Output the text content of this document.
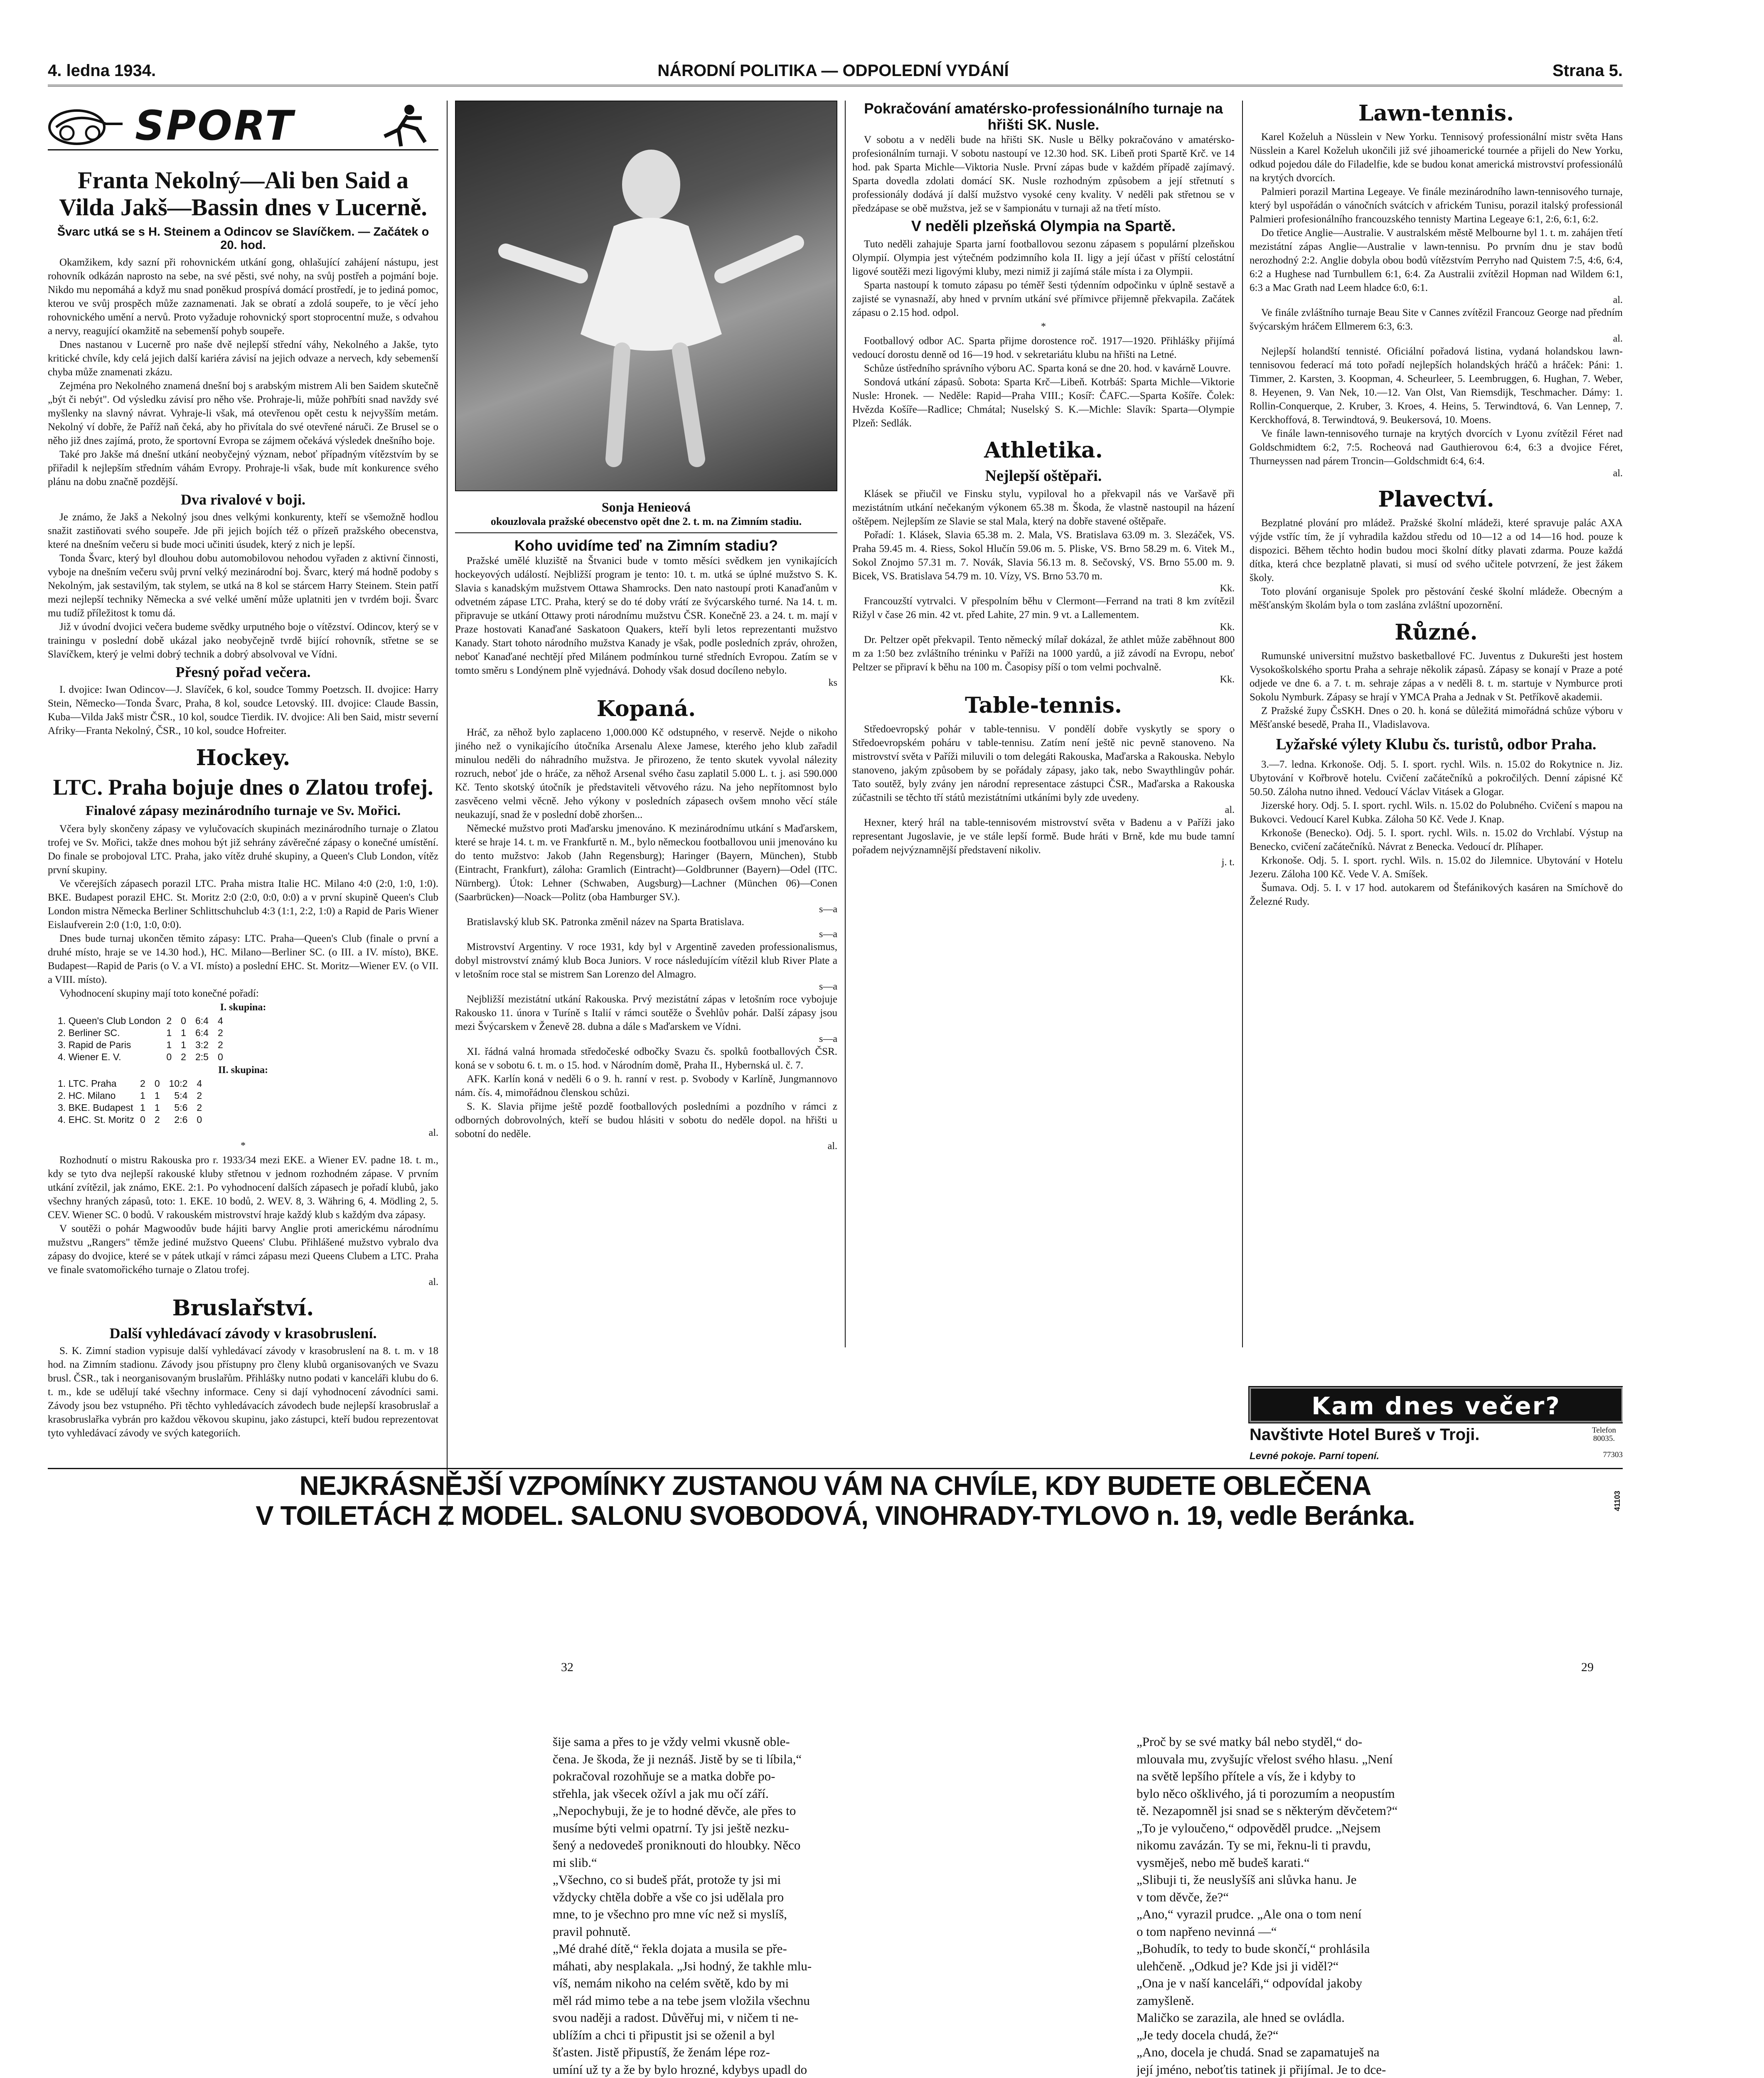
4. ledna 1934.	NÁRODNÍ POLITIKA — ODPOLEDNÍ VYDÁNÍ	Strana 5.
SPORT
Franta Nekolný—Ali ben Said a Vilda Jakš—Bassin dnes v Lucerně.
Švarc utká se s H. Steinem a Odincov se Slavíčkem. — Začátek o 20. hod.

Okamžikem, kdy sazní při rohovnickém utkání gong, ohlašující zahájení nástupu, jest rohovník odkázán naprosto na sebe, na své pěsti, své nohy, na svůj postřeh a pojmání boje. Nikdo mu nepomáhá a když mu snad poněkud prospívá domácí prostředí, je to jediná pomoc, kterou ve svůj prospěch může zaznamenati. Jak se obratí a zdolá soupeře, to je věcí jeho rohovnického umění a nervů. Proto vyžaduje rohovnický sport stoprocentní muže, s odvahou a nervy, reagující okamžitě na sebemenší pohyb soupeře.

Dnes nastanou v Lucerně pro naše dvě nejlepší střední váhy, Nekolného a Jakše, tyto kritické chvíle, kdy celá jejich další kariéra závisí na jejich odvaze a nervech, kdy sebemenší chyba může znamenati zkázu.

Zejména pro Nekolného znamená dnešní boj s arabským mistrem Ali ben Saidem skutečně „být či nebýt". Od výsledku závisí pro něho vše. Prohraje-li, může pohřbíti snad navždy své myšlenky na slavný návrat. Vyhraje-li však, má otevřenou opět cestu k nejvyšším metám. Nekolný ví dobře, že Paříž naň čeká, aby ho přivítala do své otevřené náruči. Ze Brusel se o něho již dnes zajímá, proto, že sportovní Evropa se zájmem očekává výsledek dnešního boje.

Také pro Jakše má dnešní utkání neobyčejný význam, neboť případným vítězstvím by se přiřadil k nejlepším středním váhám Evropy. Prohraje-li však, bude mít konkurence svého plánu na dobu značně pozdější.

Dva rivalové v boji.

Je známo, že Jakš a Nekolný jsou dnes velkými konkurenty, kteří se všemožně hodlou snažit zastiňovati svého soupeře. Jde při jejich bojích též o přízeň pražského obecenstva, které na dnešním večeru si bude moci učiniti úsudek, který z nich je lepší.

Tonda Švarc, který byl dlouhou dobu automobilovou nehodou vyřaden z aktivní činnosti, vyboje na dnešním večeru svůj první velký mezinárodní boj. Švarc, který má hodně podoby s Nekolným, jak sestavilým, tak stylem, se utká na 8 kol se stárcem Harry Steinem. Stein patří mezi nejlepší techniky Německa a své velké umění může uplatniti jen v tvrdém boji. Švarc mu tudíž příležitost k tomu dá.

Již v úvodní dvojici večera budeme svědky urputného boje o vítězství. Odincov, který se v trainingu v poslední době ukázal jako neobyčejně tvrdě bijící rohovník, střetne se se Slavíčkem, který je velmi dobrý technik a dobrý absolvoval ve Vídni.

Přesný pořad večera.

I. dvojice: Iwan Odincov—J. Slavíček, 6 kol, soudce Tommy Poetzsch. II. dvojice: Harry Stein, Německo—Tonda Švarc, Praha, 8 kol, soudce Letovský. III. dvojice: Claude Bassin, Kuba—Vilda Jakš mistr ČSR., 10 kol, soudce Tierdik. IV. dvojice: Ali ben Said, mistr severní Afriky—Franta Nekolný, ČSR., 10 kol, soudce Hofreiter.

Hockey.
LTC. Praha bojuje dnes o Zlatou trofej.
Finalové zápasy mezinárodního turnaje ve Sv. Mořici.

Včera byly skončeny zápasy ve vylučovacích skupinách mezinárodního turnaje o Zlatou trofej ve Sv. Mořici, takže dnes mohou být již sehrány závěrečné zápasy o konečné umístění. Do finale se probojoval LTC. Praha, jako vítěz druhé skupiny, a Queen's Club London, vítěz první skupiny.

Ve včerejších zápasech porazil LTC. Praha mistra Italie HC. Milano 4:0 (2:0, 1:0, 1:0). BKE. Budapest porazil EHC. St. Moritz 2:0 (2:0, 0:0, 0:0) a v první skupině Queen's Club London mistra Německa Berliner Schlittschuhclub 4:3 (1:1, 2:2, 1:0) a Rapid de Paris Wiener Eislaufverein 2:0 (1:0, 1:0, 0:0).

Dnes bude turnaj ukončen těmito zápasy: LTC. Praha—Queen's Club (finale o první a druhé místo, hraje se ve 14.30 hod.), HC. Milano—Berliner SC. (o III. a IV. místo), BKE. Budapest—Rapid de Paris (o V. a VI. místo) a poslední EHC. St. Moritz—Wiener EV. (o VII. a VIII. místo).

Vyhodnocení skupiny mají toto konečné pořadí:

I. skupina:
1. Queen's Club London	2	0	6:4	4
2. Berliner SC.	1	1	6:4	2
3. Rapid de Paris	1	1	3:2	2
4. Wiener E. V.	0	2	2:5	0
II. skupina:
1. LTC. Praha	2	0	10:2	4
2. HC. Milano	1	1	5:4	2
3. BKE. Budapest	1	1	5:6	2
4. EHC. St. Moritz	0	2	2:6	0
al.
*

Rozhodnutí o mistru Rakouska pro r. 1933/34 mezi EKE. a Wiener EV. padne 18. t. m., kdy se tyto dva nejlepší rakouské kluby střetnou v jednom rozhodném zápase. V prvním utkání zvítězil, jak známo, EKE. 2:1. Po vyhodnocení dalších zápasech je pořadí klubů, jako všechny hraných zápasů, toto: 1. EKE. 10 bodů, 2. WEV. 8, 3. Währing 6, 4. Mödling 2, 5. CEV. Wiener SC. 0 bodů. V rakouském mistrovství hraje každý klub s každým dva zápasy.

V soutěži o pohár Magwoodův bude hájiti barvy Anglie proti americkému národnímu mužstvu „Rangers" těmže jediné mužstvo Queens' Clubu. Přihlášené mužstvo vybralo dva zápasy do dvojice, které se v pátek utkají v rámci zápasu mezi Queens Clubem a LTC. Praha ve finale svatomořického turnaje o Zlatou trofej.

al.
Bruslařství.
Další vyhledávací závody v krasobruslení.

S. K. Zimní stadion vypisuje další vyhledávací závody v krasobruslení na 8. t. m. v 18 hod. na Zimním stadionu. Závody jsou přístupny pro členy klubů organisovaných ve Svazu brusl. ČSR., tak i neorganisovaným bruslařům. Přihlášky nutno podati v kanceláři klubu do 6. t. m., kde se udělují také všechny informace. Ceny si dají vyhodnocení závodníci sami. Závody jsou bez vstupného. Při těchto vyhledávacích závodech bude nejlepší krasobruslař a krasobruslařka vybrán pro každou věkovou skupinu, jako zástupci, kteří budou reprezentovat tyto vyhledávací závody ve svých kategoriích.

Sonja Henieová
okouzlovala pražské obecenstvo opět dne 2. t. m. na Zimním stadiu.
Koho uvidíme teď na Zimním stadiu?

Pražské umělé kluziště na Štvanici bude v tomto měsíci svědkem jen vynikajících hockeyových událostí. Nejbližší program je tento: 10. t. m. utká se úplné mužstvo S. K. Slavia s kanadským mužstvem Ottawa Shamrocks. Den nato nastoupí proti Kanaďanům v odvetném zápase LTC. Praha, který se do té doby vrátí ze švýcarského turné. Na 14. t. m. připravuje se utkání Ottawy proti národnímu mužstvu ČSR. Konečně 23. a 24. t. m. mají v Praze hostovati Kanaďané Saskatoon Quakers, kteří byli letos reprezentanti mužstvo Kanady. Start tohoto národního mužstva Kanady je však, podle posledních zpráv, ohrožen, neboť Kanaďané nechtějí před Milánem podmínkou turné středních Evropou. Zatím se v tomto směru s Londýnem plně vyjednává. Dohody však dosud docíleno nebylo.

ks
Kopaná.

Hráč, za něhož bylo zaplaceno 1,000.000 Kč odstupného, v reservě. Nejde o nikoho jiného než o vynikajícího útočníka Arsenalu Alexe Jamese, kterého jeho klub zařadil minulou neděli do náhradního mužstva. Je přirozeno, že tento skutek vyvolal nálezity rozruch, neboť jde o hráče, za něhož Arsenal svého času zaplatil 5.000 L. t. j. asi 590.000 Kč. Tento skotský útočník je představiteli větvového rázu. Na jeho nepřítomnost bylo zasvěceno velmi věcně. Jeho výkony v posledních zápasech ovšem mnoho věcí stále neukazují, snad že v poslední době zhoršen...

Německé mužstvo proti Maďarsku jmenováno. K mezinárodnímu utkání s Maďarskem, které se hraje 14. t. m. ve Frankfurtě n. M., bylo německou footballovou unii jmenováno ku do tento mužstvo: Jakob (Jahn Regensburg); Haringer (Bayern, München), Stubb (Eintracht, Frankfurt), záloha: Gramlich (Eintracht)—Goldbrunner (Bayern)—Odel (ITC. Nürnberg). Útok: Lehner (Schwaben, Augsburg)—Lachner (München 06)—Conen (Saarbrücken)—Noack—Politz (oba Hamburger SV.).

s—a

Bratislavský klub SK. Patronka změnil název na Sparta Bratislava.

s—a

Mistrovství Argentiny. V roce 1931, kdy byl v Argentině zaveden professionalismus, dobyl mistrovství známý klub Boca Juniors. V roce následujícím vítězil klub River Plate a v letošním roce stal se mistrem San Lorenzo del Almagro.

s—a

Nejbližší mezistátní utkání Rakouska. Prvý mezistátní zápas v letošním roce vybojuje Rakousko 11. února v Turíně s Italií v rámci soutěže o Švehlův pohár. Další zápasy jsou mezi Švýcarskem v Ženevě 28. dubna a dále s Maďarskem ve Vídni.

s—a

XI. řádná valná hromada středočeské odbočky Svazu čs. spolků footballových ČSR. koná se v sobotu 6. t. m. o 15. hod. v Národním domě, Praha II., Hybernská ul. č. 7.

AFK. Karlín koná v neděli 6 o 9. h. ranní v rest. p. Svobody v Karlíně, Jungmannovo nám. čís. 4, mimořádnou členskou schůzi.

S. K. Slavia přijme ještě pozdě footballových posledními a pozdního v rámci z odborných dobrovolných, kteří se budou hlásiti v sobotu do neděle dopol. na hřišti u sobotní do neděle.

al.
Pokračování amatérsko-professionálního turnaje na hřišti SK. Nusle.

V sobotu a v neděli bude na hřišti SK. Nusle u Bělky pokračováno v amatérsko-profesionálním turnaji. V sobotu nastoupí ve 12.30 hod. SK. Libeň proti Spartě Krč. ve 14 hod. pak Sparta Michle—Viktoria Nusle. První zápas bude v každém případě zajímavý. Sparta dovedla zdolati domácí SK. Nusle rozhodným způsobem a její střetnutí s professionály dodává jí další mužstvo vysoké ceny kvality. V neděli pak střetnou se v předzápase se obě mužstva, jež se v šampionátu v turnaji až na třetí místo.

V neděli plzeňská Olympia na Spartě.

Tuto neděli zahajuje Sparta jarní footballovou sezonu zápasem s populární plzeňskou Olympií. Olympia jest výtečném podzimního kola II. ligy a její účast v příští celostátní ligové soutěži mezi ligovými kluby, mezi nimiž ji zajímá stále místa i za Olympii.

Sparta nastoupí k tomuto zápasu po téměř šesti týdenním odpočinku v úplně sestavě a zajisté se vynasnaží, aby hned v prvním utkání své přímivce přijemně překvapila. Začátek zápasu o 2.15 hod. odpol.

*

Footballový odbor AC. Sparta přijme dorostence roč. 1917—1920. Přihlášky přijímá vedoucí dorostu denně od 16—19 hod. v sekretariátu klubu na hřišti na Letné.

Schůze ústředního správního výboru AC. Sparta koná se dne 20. hod. v kavárně Louvre.

Sondová utkání zápasů. Sobota: Sparta Krč—Libeň. Kotrbáš: Sparta Michle—Viktorie Nusle: Hronek. — Neděle: Rapid—Praha VIII.; Kosíř: ČAFC.—Sparta Košíře. Čolek: Hvězda Košíře—Radlice; Chmátal; Nuselský S. K.—Michle: Slavík: Sparta—Olympie Plzeň: Sedlák.

Athletika.
Nejlepší oštěpaři.

Klásek se přiučil ve Finsku stylu, vypiloval ho a překvapil nás ve Varšavě při mezistátním utkání nečekaným výkonem 65.38 m. Škoda, že vlastně nastoupil na házení oštěpem. Nejlepším ze Slavie se stal Mala, který na dobře stavené oštěpaře.

Pořadí: 1. Klásek, Slavia 65.38 m. 2. Mala, VS. Bratislava 63.09 m. 3. Slezáček, VS. Praha 59.45 m. 4. Riess, Sokol Hlučín 59.06 m. 5. Pliske, VS. Brno 58.29 m. 6. Vitek M., Sokol Znojmo 57.31 m. 7. Novák, Slavia 56.13 m. 8. Sečovský, VS. Brno 55.00 m. 9. Bicek, VS. Bratislava 54.79 m. 10. Vízy, VS. Brno 53.70 m.

Kk.

Francouzští vytrvalci. V přespolním běhu v Clermont—Ferrand na trati 8 km zvítězil Rižyl v čase 26 min. 42 vt. před Lahite, 27 min. 9 vt. a Lallementem.

Kk.

Dr. Peltzer opět překvapil. Tento německý mílař dokázal, že athlet může zaběhnout 800 m za 1:50 bez zvláštního tréninku v Paříži na 1000 yardů, a již závodí na Evropu, neboť Peltzer se připraví k běhu na 100 m. Časopisy píší o tom velmi pochvalně.

Kk.
Table-tennis.

Středoevropský pohár v table-tennisu. V pondělí dobře vyskytly se spory o Středoevropském poháru v table-tennisu. Zatím není ještě nic pevně stanoveno. Na mistrovství světa v Paříži miluvili o tom delegáti Rakouska, Maďarska a Rakouska. Nebylo stanoveno, jakým způsobem by se pořádaly zápasy, jako tak, nebo Swaythlingův pohár. Tato soutěž, byly zvány jen národní representace zástupci ČSR., Maďarska a Rakouska zúčastnili se těchto tří států mezistátními utkáními byly zde uvedeny.

al.

Hexner, který hrál na table-tennisovém mistrovství světa v Badenu a v Paříži jako representant Jugoslavie, je ve stále lepší formě. Bude hráti v Brně, kde mu bude tamní pořadem nejvýznamnější představení nikoliv.

j. t.
Lawn-tennis.

Karel Koželuh a Nüsslein v New Yorku. Tennisový professionální mistr světa Hans Nüsslein a Karel Koželuh ukončili již své jihoamerické tournée a přijeli do New Yorku, odkud pojedou dále do Filadelfie, kde se budou konat americká mistrovství professionálů na krytých dvorcích.

Palmieri porazil Martina Legeaye. Ve finále mezinárodního lawn-tennisového turnaje, který byl uspořádán o vánočních svátcích v africkém Tunisu, porazil italský professionál Palmieri profesionálního francouzského tennisty Martina Legeaye 6:1, 2:6, 6:1, 6:2.

Do třetice Anglie—Australie. V australském městě Melbourne byl 1. t. m. zahájen třetí mezistátní zápas Anglie—Australie v lawn-tennisu. Po prvním dnu je stav bodů nerozhodný 2:2. Anglie dobyla obou bodů vítězstvím Perryho nad Quistem 7:5, 4:6, 6:4, 6:2 a Hughese nad Turnbullem 6:1, 6:4. Za Australii zvítězil Hopman nad Wildem 6:1, 6:3 a Mac Grath nad Leem hladce 6:0, 6:1.

al.

Ve finále zvláštního turnaje Beau Site v Cannes zvítězil Francouz George nad předním švýcarským hráčem Ellmerem 6:3, 6:3.

al.

Nejlepší holandští tennisté. Oficiální pořadová listina, vydaná holandskou lawn-tennisovou federací má toto pořadí nejlepších holandských hráčů a hráček: Páni: 1. Timmer, 2. Karsten, 3. Koopman, 4. Scheurleer, 5. Leembruggen, 6. Hughan, 7. Weber, 8. Heyenen, 9. Van Nek, 10.—12. Van Olst, Van Riemsdijk, Teschmacher. Dámy: 1. Rollin-Conquerque, 2. Kruber, 3. Kroes, 4. Heins, 5. Terwindtová, 6. Van Lennep, 7. Kerckhoffová, 8. Terwindtová, 9. Beukersová, 10. Moens.

Ve finále lawn-tennisového turnaje na krytých dvorcích v Lyonu zvítězil Féret nad Goldschmidtem 6:2, 7:5. Rocheová nad Gauthierovou 6:4, 6:3 a dvojice Féret, Thurneyssen nad párem Troncin—Goldschmidt 6:4, 6:4.

al.
Plavectví.

Bezplatné plování pro mládež. Pražské školní mládeži, které spravuje palác AXA výjde vstříc tím, že jí vyhradila každou středu od 10—12 a od 14—16 hod. pouze k dispozici. Během těchto hodin budou moci školní dítky plavati zdarma. Pouze každá dítka, která chce bezplatně plavati, si musí od svého učitele potvrzení, že jest žákem školy.

Toto plování organisuje Spolek pro pěstování české školní mládeže. Obecným a měšťanským školám byla o tom zaslána zvláštní upozornění.

Různé.

Rumunské universitní mužstvo basketballové FC. Juventus z Dukurešti jest hostem Vysokoškolského sportu Praha a sehraje několik zápasů. Zápasy se konají v Praze a poté odjede ve dne 6. a 7. t. m. sehraje zápas a v neděli 8. t. m. startuje v Nymburce proti Sokolu Nymburk. Zápasy se hrají v YMCA Praha a Jednak v St. Petříkově akademii.

Z Pražské župy ČsSKH. Dnes o 20. h. koná se důležitá mimořádná schůze výboru v Měšťanské besedě, Praha II., Vladislavova.

Lyžařské výlety Klubu čs. turistů, odbor Praha.

3.—7. ledna. Krkonoše. Odj. 5. I. sport. rychl. Wils. n. 15.02 do Rokytnice n. Jiz. Ubytování v Kořbrově hotelu. Cvičení začátečníků a pokročilých. Denní zápisné Kč 50.50. Záloha nutno ihned. Vedoucí Václav Vitásek a Glogar.

Jizerské hory. Odj. 5. I. sport. rychl. Wils. n. 15.02 do Polubného. Cvičení s mapou na Bukovci. Vedoucí Karel Kubka. Záloha 50 Kč. Vede J. Knap.

Krkonoše (Benecko). Odj. 5. I. sport. rychl. Wils. n. 15.02 do Vrchlabí. Výstup na Benecko, cvičení začátečníků. Návrat z Benecka. Vedoucí dr. Plíhaper.

Krkonoše. Odj. 5. I. sport. rychl. Wils. n. 15.02 do Jilemnice. Ubytování v Hotelu Jezeru. Záloha 100 Kč. Vede V. A. Smíšek.

Šumava. Odj. 5. I. v 17 hod. autokarem od Štefánikových kasáren na Smíchově do Železné Rudy.

Kam dnes večer?
Navštivte Hotel Bureš v Troji.	Telefon 80035.
Levné pokoje. Parní topení.	77303
NEJKRÁSNĚJŠÍ VZPOMÍNKY ZUSTANOU VÁM NA CHVÍLE, KDY BUDETE OBLEČENA
V TOILETÁCH Z MODEL. SALONU SVOBODOVÁ, VINOHRADY-TYLOVO n. 19, vedle Beránka.	41103
32	29
šije sama a přes to je vždy velmi vkusně oble-
čena. Je škoda, že ji neznáš. Jistě by se ti líbila,“
pokračoval rozohňuje se a matka dobře po-
střehla, jak všecek ožívl a jak mu očí září.
„Nepochybuji, že je to hodné děvče, ale přes to
musíme býti velmi opatrní. Ty jsi ještě nezku-
šený a nedovedeš proniknouti do hloubky. Něco
mi slib.“
„Všechno, co si budeš přát, protože ty jsi mi
vždycky chtěla dobře a vše co jsi udělala pro
mne, to je všechno pro mne víc než si myslíš,
pravil pohnutě.
„Mé drahé dítě,“ řekla dojata a musila se pře-
máhati, aby nesplakala. „Jsi hodný, že takhle mlu-
víš, nemám nikoho na celém světě, kdo by mi
měl rád mimo tebe a na tebe jsem vložila všechnu
svou naději a radost. Důvěřuj mi, v ničem ti ne-
ublížím a chci ti připustit jsi se oženil a byl
šťasten. Jistě připustíš, že ženám lépe roz-
umíní už ty a že by bylo hrozné, kdybys upadl do
„Proč by se své matky bál nebo styděl,“ do-
mlouvala mu, zvyšujíc vřelost svého hlasu. „Není
na světě lepšího přítele a vís, že i kdyby to
bylo něco ošklivého, já ti porozumím a neopustím
tě. Nezapomněl jsi snad se s některým děvčetem?“
„To je vyloučeno,“ odpověděl prudce. „Nejsem
nikomu zavázán. Ty se mi, řeknu-li ti pravdu,
vysměješ, nebo mě budeš karati.“
„Slibuji ti, že neuslyšíš ani slůvka hanu. Je
v tom děvče, že?“
„Ano,“ vyrazil prudce. „Ale ona o tom není
o tom napřeno nevinná —“
„Bohudík, to tedy to bude skončí,“ prohlásila
ulehčeně. „Odkud je? Kde jsi ji viděl?“
„Ona je v naší kanceláři,“ odpovídal jakoby
zamyšleně.
Maličko se zarazila, ale hned se ovládla.
„Je tedy docela chudá, že?“
„Ano, docela je chudá. Snad se zapamatuješ na
její jméno, neboťtis tatinek ji přijímal. Je to dce-
